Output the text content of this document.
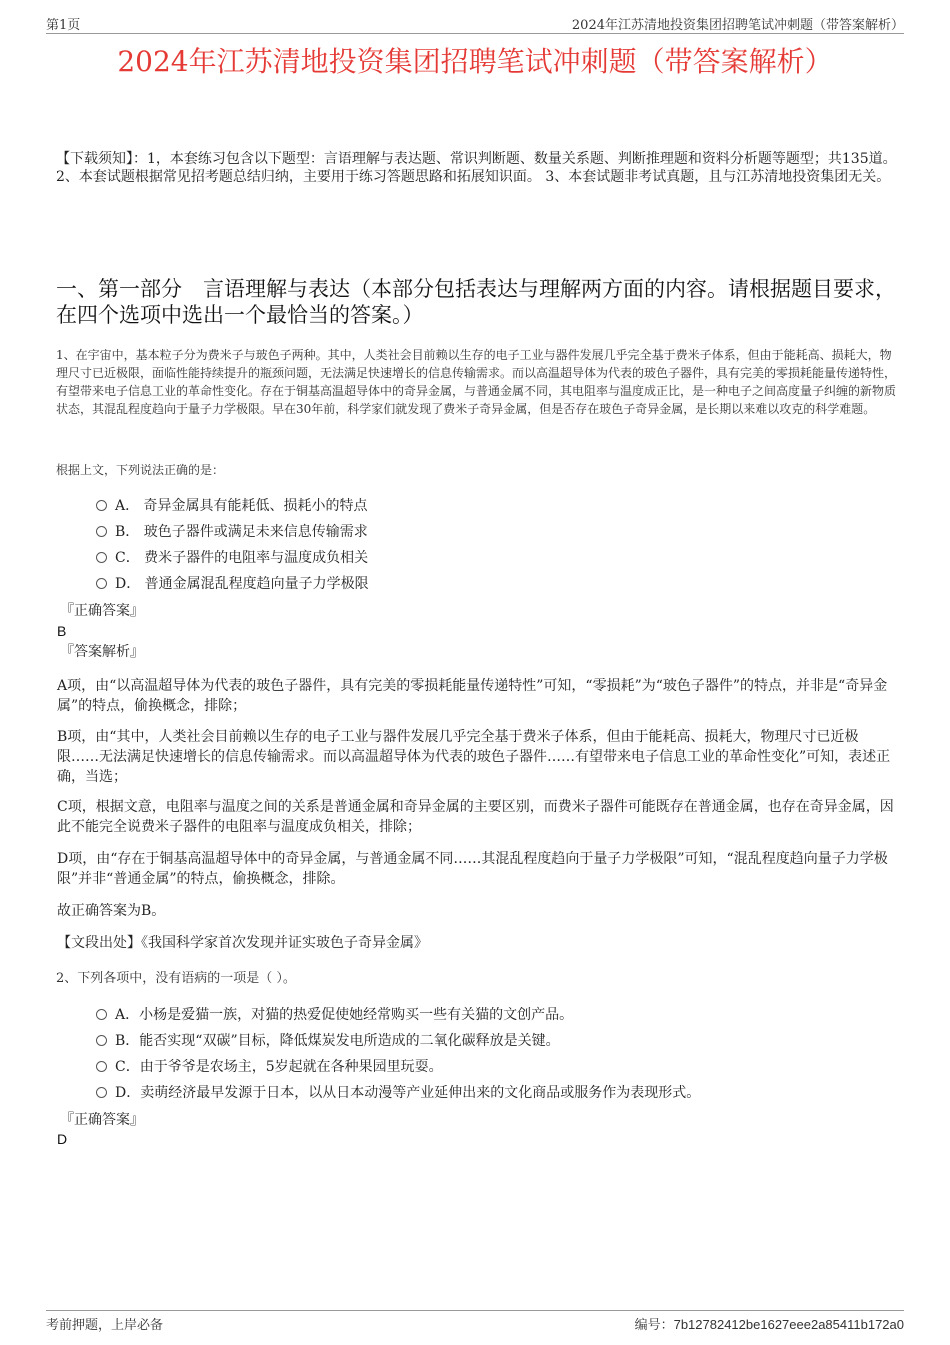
第1页	2024年江苏清地投资集团招聘笔试冲刺题（带答案解析）
2024年江苏清地投资集团招聘笔试冲刺题（带答案解析）
【下载须知】：1，本套练习包含以下题型：言语理解与表达题、常识判断题、数量关系题、判断推理题和资料分析题等题型；共135道。 2、本套试题根据常见招考题总结归纳，主要用于练习答题思路和拓展知识面。 3、本套试题非考试真题，且与江苏清地投资集团无关。
一、第一部分　言语理解与表达（本部分包括表达与理解两方面的内容。请根据题目要求，在四个选项中选出一个最恰当的答案。）
1、在宇宙中，基本粒子分为费米子与玻色子两种。其中，人类社会目前赖以生存的电子工业与器件发展几乎完全基于费米子体系，但由于能耗高、损耗大，物理尺寸已近极限，面临性能持续提升的瓶颈问题，无法满足快速增长的信息传输需求。而以高温超导体为代表的玻色子器件，具有完美的零损耗能量传递特性，有望带来电子信息工业的革命性变化。存在于铜基高温超导体中的奇异金属，与普通金属不同，其电阻率与温度成正比，是一种电子之间高度量子纠缠的新物质状态，其混乱程度趋向于量子力学极限。早在30年前，科学家们就发现了费米子奇异金属，但是否存在玻色子奇异金属，是长期以来难以攻克的科学难题。
根据上文，下列说法正确的是：
A． 奇异金属具有能耗低、损耗小的特点
B． 玻色子器件或满足未来信息传输需求
C． 费米子器件的电阻率与温度成负相关
D． 普通金属混乱程度趋向量子力学极限
『正确答案』
B
『答案解析』
A项，由“以高温超导体为代表的玻色子器件，具有完美的零损耗能量传递特性”可知，“零损耗”为“玻色子器件”的特点，并非是“奇异金属”的特点，偷换概念，排除；
B项，由“其中，人类社会目前赖以生存的电子工业与器件发展几乎完全基于费米子体系，但由于能耗高、损耗大，物理尺寸已近极限……无法满足快速增长的信息传输需求。而以高温超导体为代表的玻色子器件……有望带来电子信息工业的革命性变化”可知，表述正确，当选；
C项，根据文意，电阻率与温度之间的关系是普通金属和奇异金属的主要区别，而费米子器件可能既存在普通金属，也存在奇异金属，因此不能完全说费米子器件的电阻率与温度成负相关，排除；
D项，由“存在于铜基高温超导体中的奇异金属，与普通金属不同……其混乱程度趋向于量子力学极限”可知，“混乱程度趋向量子力学极限”并非“普通金属”的特点，偷换概念，排除。
故正确答案为B。
【文段出处】《我国科学家首次发现并证实玻色子奇异金属》
2、下列各项中，没有语病的一项是（ ）。
A．小杨是爱猫一族，对猫的热爱促使她经常购买一些有关猫的文创产品。
B．能否实现“双碳”目标，降低煤炭发电所造成的二氧化碳释放是关键。
C．由于爷爷是农场主，5岁起就在各种果园里玩耍。
D．卖萌经济最早发源于日本，以从日本动漫等产业延伸出来的文化商品或服务作为表现形式。
『正确答案』
D
考前押题，上岸必备	编号：7b12782412be1627eee2a85411b172a0
